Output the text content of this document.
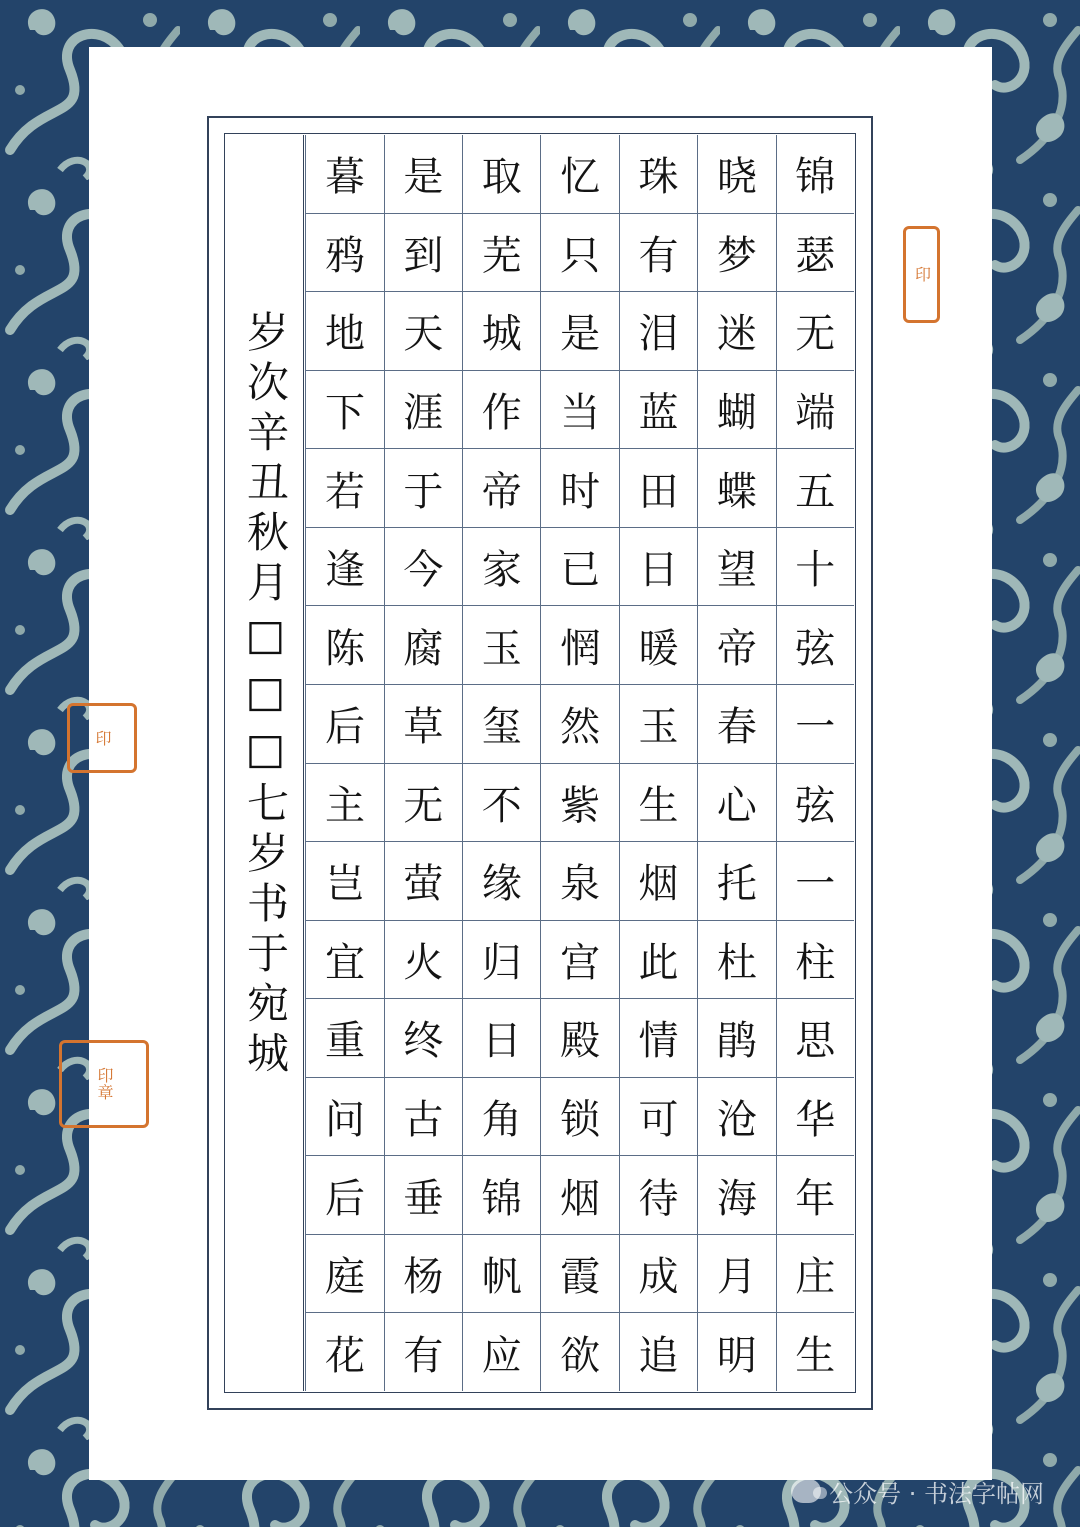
岁次辛丑秋月□□□七岁书于宛城
锦
瑟
无
端
五
十
弦
一
弦
一
柱
思
华
年
庄
生
晓
梦
迷
蝴
蝶
望
帝
春
心
托
杜
鹃
沧
海
月
明
珠
有
泪
蓝
田
日
暖
玉
生
烟
此
情
可
待
成
追
忆
只
是
当
时
已
惘
然
紫
泉
宫
殿
锁
烟
霞
欲
取
芜
城
作
帝
家
玉
玺
不
缘
归
日
角
锦
帆
应
是
到
天
涯
于
今
腐
草
无
萤
火
终
古
垂
杨
有
暮
鸦
地
下
若
逢
陈
后
主
岂
宜
重
问
后
庭
花
印
印
印章
公众号 · 书法字帖网
